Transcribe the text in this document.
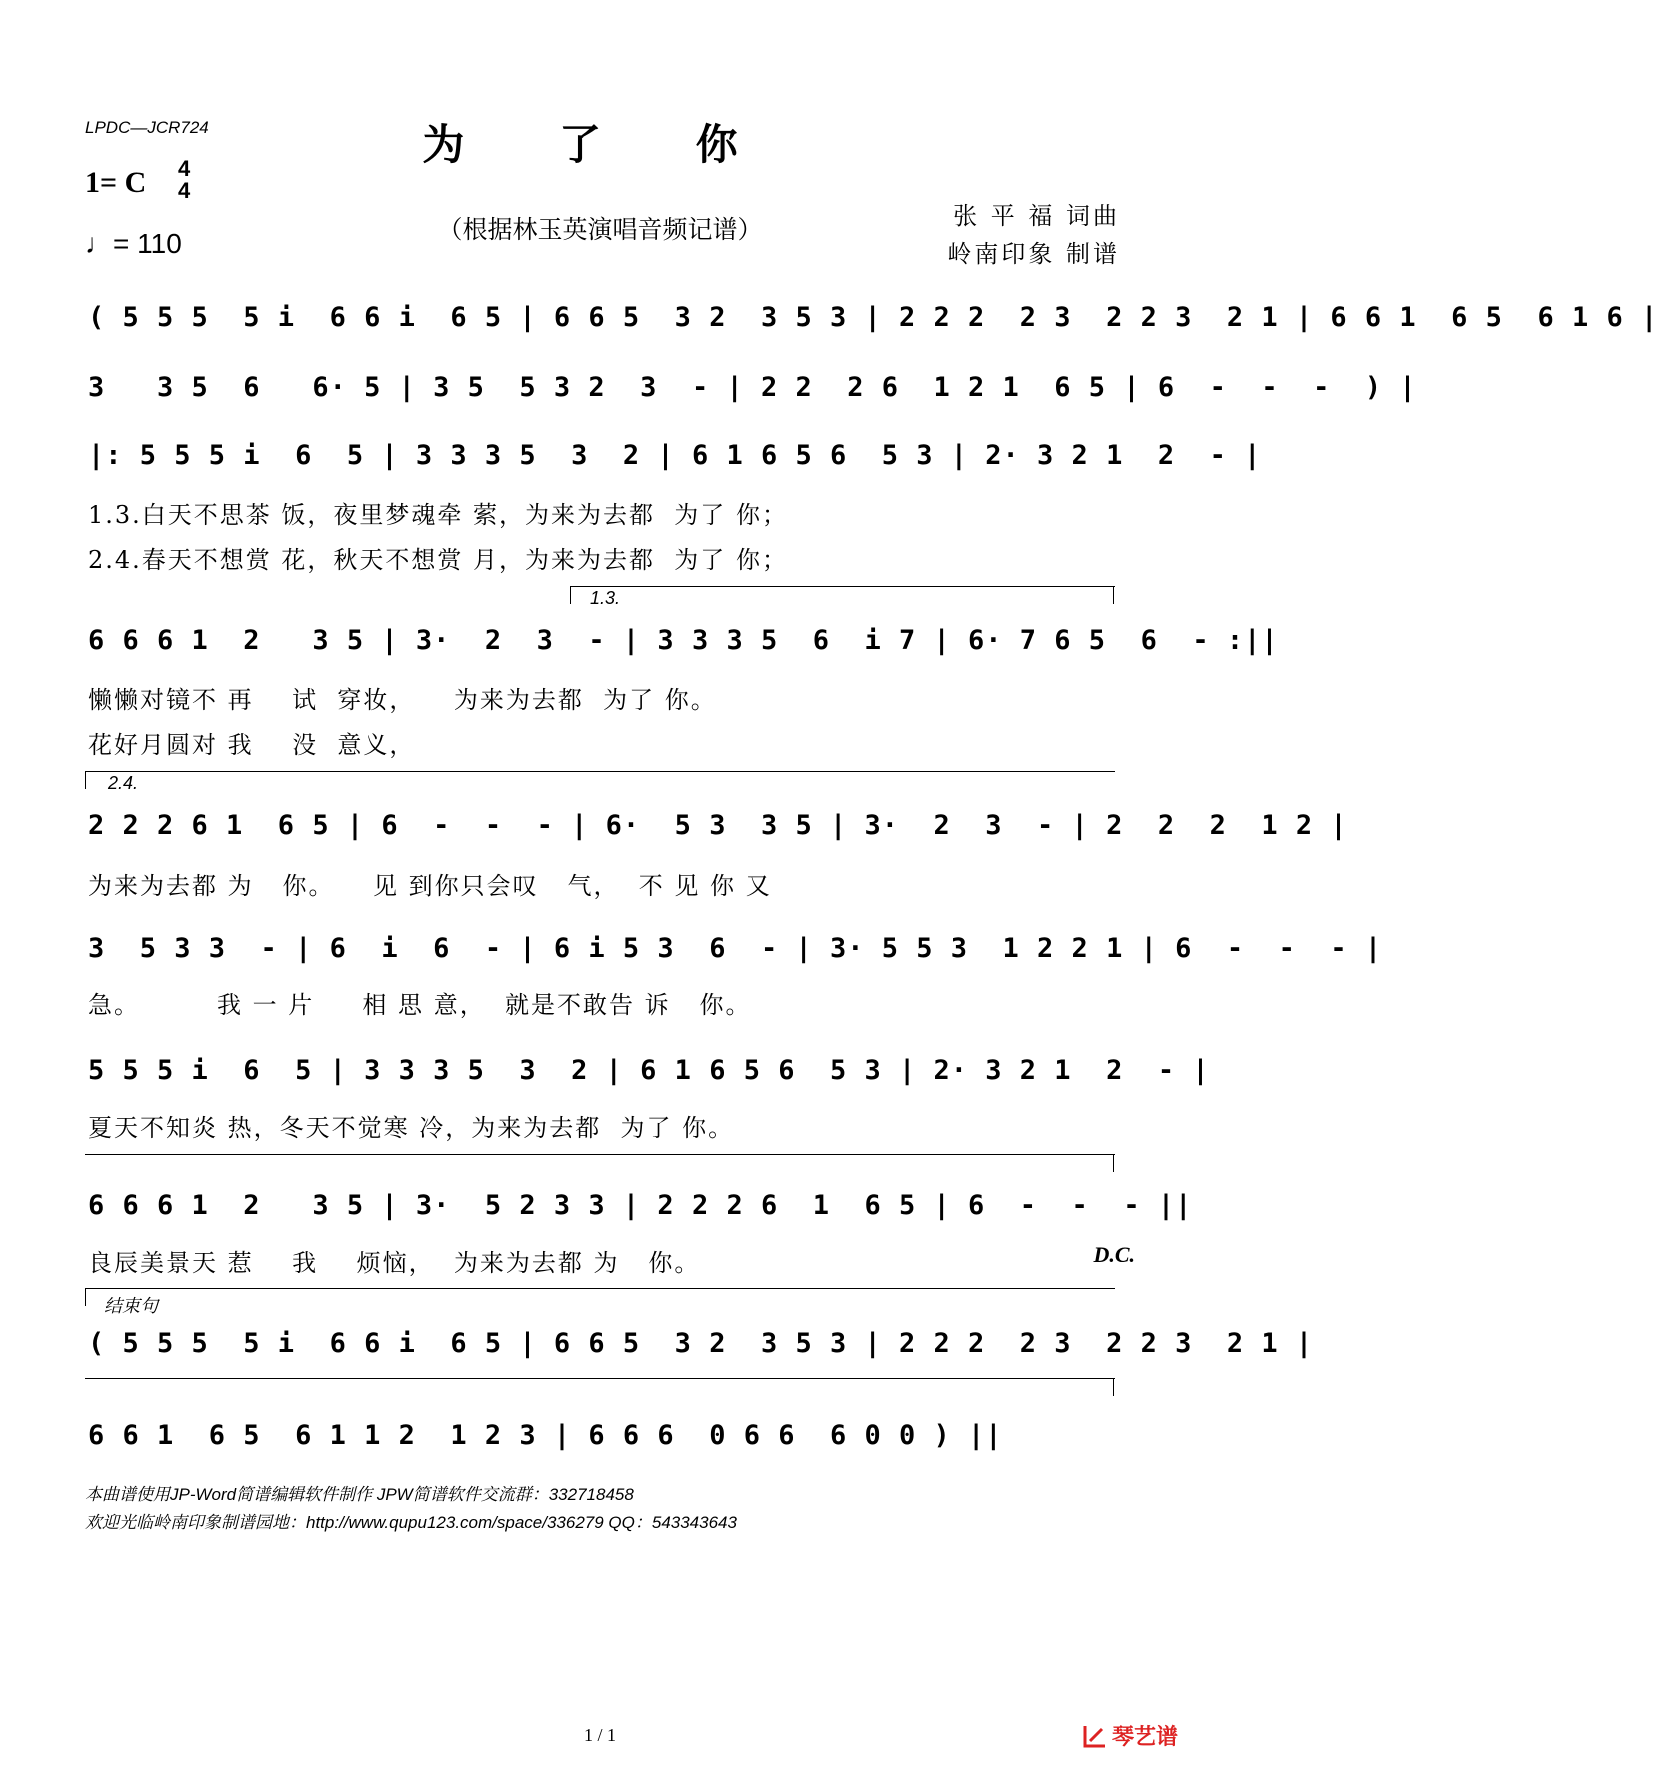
LPDC—JCR724	为 了 你
1= C 4
4
♩= 110	（根据林玉英演唱音频记谱）	张 平 福 词曲
岭南印象 制谱
( 5 5 5  5 i  6 6 i  6 5 | 6 6 5  3 2  3 5 3 | 2 2 2  2 3  2 2 3  2 1 | 6 6 1  6 5  6 1 6 |
3   3 5  6   6· 5 | 3 5  5 3 2  3  - | 2 2  2 6  1 2 1  6 5 | 6  -  -  -  ) |
|: 5 5 5 i  6  5 | 3 3 3 5  3  2 | 6 1 6 5 6  5 3 | 2· 3 2 1  2  - |
1.3.白天不思茶 饭，夜里梦魂牵 萦，为来为去都  为了 你；
2.4.春天不想赏 花，秋天不想赏 月，为来为去都  为了 你；
1.3.
6 6 6 1  2   3 5 | 3·  2  3  - | 3 3 3 5  6  i 7 | 6· 7 6 5  6  - :||
懒懒对镜不 再    试  穿妆，    为来为去都  为了 你。
花好月圆对 我    没  意义，
2.4.
2 2 2 6 1  6 5 | 6  -  -  - | 6·  5 3  3 5 | 3·  2  3  - | 2  2  2  1 2 |
为来为去都 为   你。    见 到你只会叹   气，  不 见 你 又
3  5 3 3  - | 6  i  6  - | 6 i 5 3  6  - | 3· 5 5 3  1 2 2 1 | 6  -  -  - |
急。        我 一 片     相 思 意，  就是不敢告 诉   你。
5 5 5 i  6  5 | 3 3 3 5  3  2 | 6 1 6 5 6  5 3 | 2· 3 2 1  2  - |
夏天不知炎 热，冬天不觉寒 冷，为来为去都  为了 你。
6 6 6 1  2   3 5 | 3·  5 2 3 3 | 2 2 2 6  1  6 5 | 6  -  -  - ||
良辰美景天 惹    我    烦恼，  为来为去都 为   你。	D.C.
结束句
( 5 5 5  5 i  6 6 i  6 5 | 6 6 5  3 2  3 5 3 | 2 2 2  2 3  2 2 3  2 1 |
6 6 1  6 5  6 1 1 2  1 2 3 | 6 6 6  0 6 6  6 0 0 ) ||
本曲谱使用JP-Word简谱编辑软件制作 JPW简谱软件交流群：332718458
欢迎光临岭南印象制谱园地：http://www.qupu123.com/space/336279 QQ：543343643
1 / 1	琴艺谱
